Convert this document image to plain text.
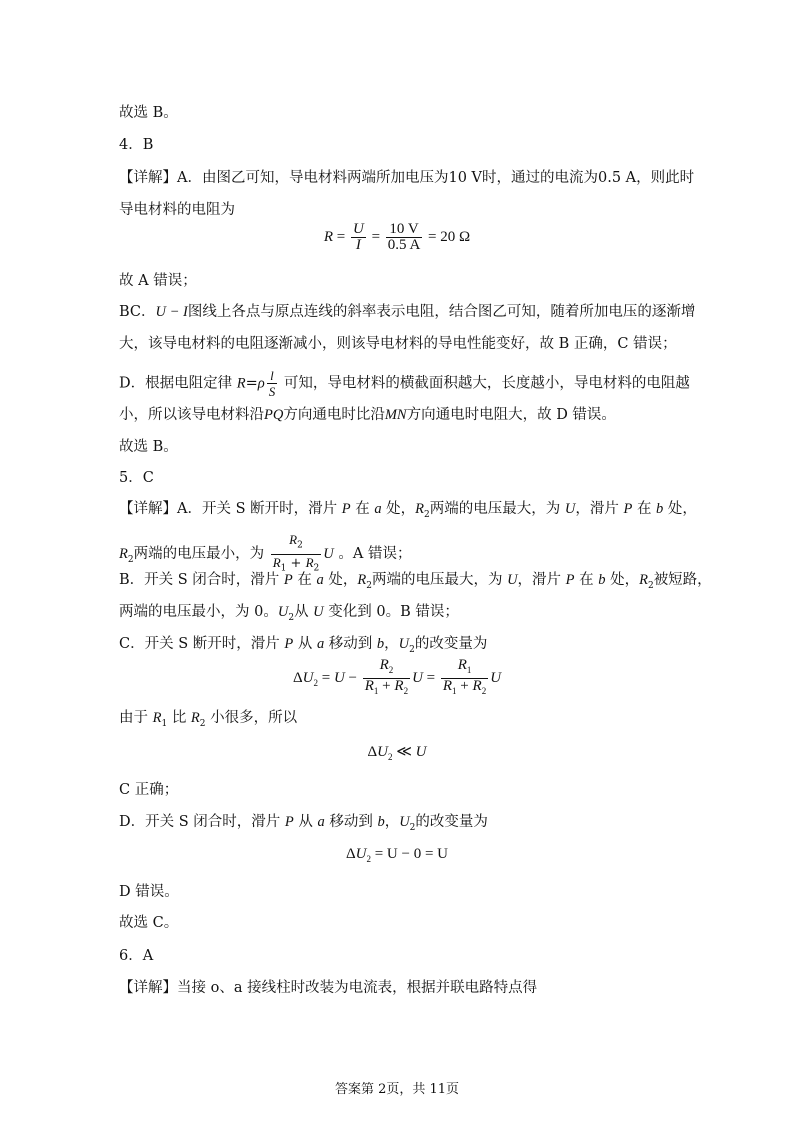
故选 B。
4．B
【详解】A．由图乙可知，导电材料两端所加电压为10 V时，通过的电流为0.5 A，则此时
导电材料的电阻为
$R = \frac{U}{I} = \frac{10 V}{0.5 A} = 20$ Ω
故 A 错误；
BC．U − I图线上各点与原点连线的斜率表示电阻，结合图乙可知，随着所加电压的逐渐增
大，该导电材料的电阻逐渐减小，则该导电材料的导电性能变好，故 B 正确，C 错误；
D．根据电阻定律 $R=\rho \frac{l}{S}$ 可知，导电材料的横截面积越大，长度越小，导电材料的电阻越
小，所以该导电材料沿PQ方向通电时比沿MN方向通电时电阻大，故 D 错误。
故选 B。
5．C
【详解】A．开关 S 断开时，滑片 P 在 a 处，$R_2$两端的电压最大，为 U，滑片 P 在 b 处，
$R_2$两端的电压最小，为 $\frac{R_2}{R_1 + R_2}$ U 。A 错误；
B．开关 S 闭合时，滑片 P 在 a 处，$R_2$两端的电压最大，为 U，滑片 P 在 b 处，$R_2$被短路，
两端的电压最小，为 0。$U_2$从 U 变化到 0。B 错误；
C．开关 S 断开时，滑片 P 从 a 移动到 b，$U_2$的改变量为
$\Delta U_2 = U - \frac{R_2}{R_1 + R_2}$ $U = \frac{R_1}{R_1 + R_2}$ U
由于 $R_1$ 比 $R_2$ 小很多，所以
$\Delta U_2$ ≪ U
C 正确；
D．开关 S 闭合时，滑片 P 从 a 移动到 b，$U_2$的改变量为
$\Delta U_2 = U - 0 = U$
D 错误。
故选 C。
6．A
【详解】当接 o、a 接线柱时改装为电流表，根据并联电路特点得
答案第 2页，共 11页
